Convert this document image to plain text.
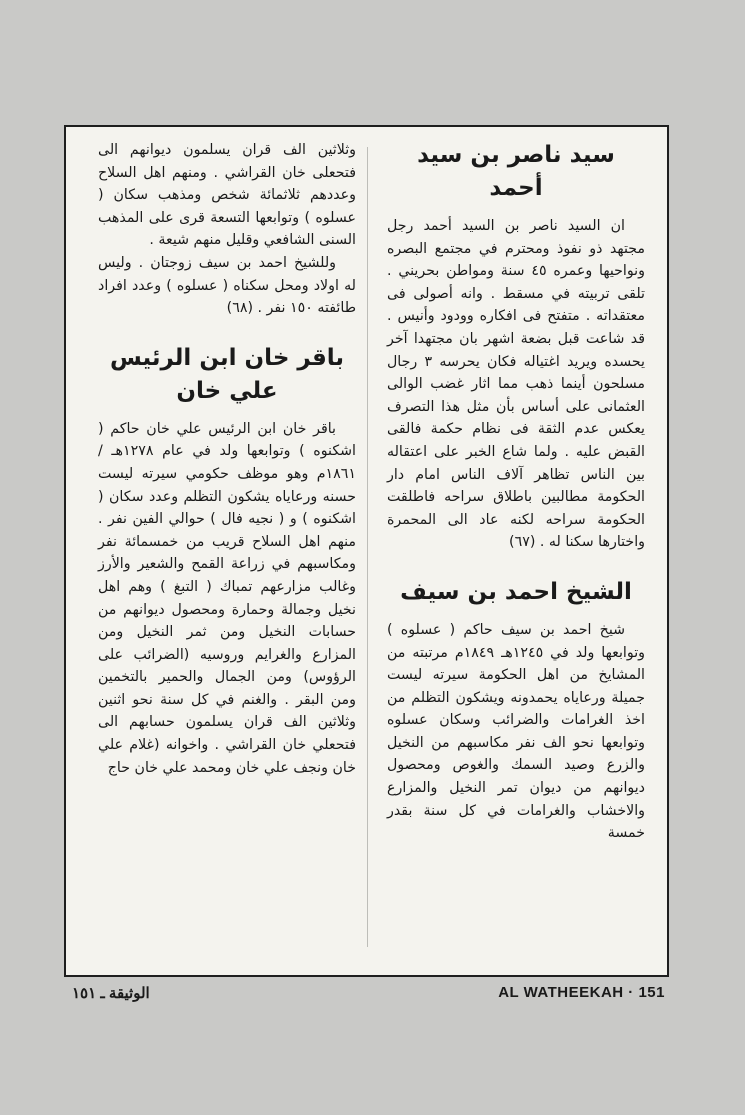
سيد ناصر بن سيد أحمد

ان السيد ناصر بن السيد أحمد رجل مجتهد ذو نفوذ ومحترم في مجتمع البصره ونواحيها وعمره ٤٥ سنة ومواطن بحريني . تلقى تربيته في مسقط . وانه أصولى فى معتقداته . متفتح فى افكاره وودود وأنيس . قد شاعت قبل بضعة اشهر بان مجتهدا آخر يحسده ويريد اغتياله فكان يحرسه ٣ رجال مسلحون أينما ذهب مما اثار غضب الوالى العثمانى على أساس بأن مثل هذا التصرف يعكس عدم الثقة فى نظام حكمة فالقى القبض عليه . ولما شاع الخبر على اعتقاله بين الناس تظاهر آلاف الناس امام دار الحكومة مطالبين باطلاق سراحه فاطلقت الحكومة سراحه لكنه عاد الى المحمرة واختارها سكنا له . (٦٧)

الشيخ احمد بن سيف

شيخ احمد بن سيف حاكم ( عسلوه ) وتوابعها ولد في ١٢٤٥هـ ١٨٤٩م مرتبته من المشايخ من اهل الحكومة سيرته ليست جميلة ورعاياه يحمدونه ويشكون التظلم من اخذ الغرامات والضرائب وسكان عسلوه وتوابعها نحو الف نفر مكاسبهم من النخيل والزرع وصيد السمك والغوص ومحصول ديوانهم من ديوان تمر النخيل والمزارع والاخشاب والغرامات في كل سنة بقدر خمسة

وثلاثين الف قران يسلمون ديوانهم الى فتحعلى خان القراشي . ومنهم اهل السلاح وعددهم ثلاثمائة شخص ومذهب سكان ( عسلوه ) وتوابعها التسعة قرى على المذهب السنى الشافعي وقليل منهم شيعة .

وللشيخ احمد بن سيف زوجتان . وليس له اولاد ومحل سكناه ( عسلوه ) وعدد افراد طائفته ١٥٠ نفر . (٦٨)

باقر خان ابن الرئيس علي خان

باقر خان ابن الرئيس علي خان حاكم ( اشكنوه ) وتوابعها ولد في عام ١٢٧٨هـ / ١٨٦١م وهو موظف حكومي سيرته ليست حسنه ورعاياه يشكون التظلم وعدد سكان ( اشكنوه ) و ( نجيه فال ) حوالي الفين نفر . منهم اهل السلاح قريب من خمسمائة نفر ومكاسبهم في زراعة القمح والشعير والأرز وغالب مزارعهم تمباك ( التبغ ) وهم اهل نخيل وجمالة وحمارة ومحصول ديوانهم من حسابات النخيل ومن ثمر النخيل ومن المزارع والغرايم وروسيه (الضرائب على الرؤوس) ومن الجمال والحمير بالتخمين ومن البقر . والغنم في كل سنة نحو اثنين وثلاثين الف قران يسلمون حسابهم الى فتحعلي خان القراشي . واخوانه (غلام علي خان ونجف علي خان ومحمد علي خان حاج

AL WATHEEKAH · 151
الوثيقة ـ ١٥١
